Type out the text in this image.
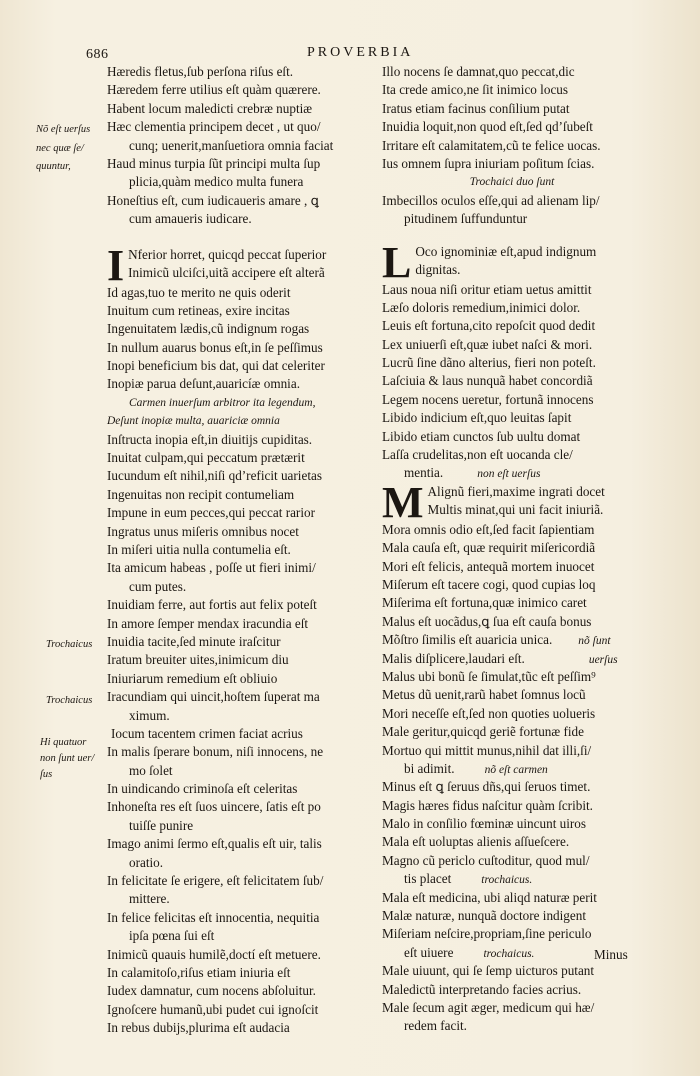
686	PROVERBIA
Nõ eſt uerſus
nec quæ ſe/
quuntur,
Trochaicus
Trochaicus
Hi quatuor
non ſunt uer/
ſus
Hæredis fletus,ſub perſona riſus eſt.
Hæredem ferre utilius eſt quàm quærere.
Habent locum maledicti crebræ nuptiæ
Hæc clementia principem decet , ut quo/
cunq; uenerit,manſuetiora omnia faciat
Haud minus turpia ſũt principi multa ſup
plicia,quàm medico multa funera
Honeſtius eſt, cum iudicaueris amare , ꝗ
cum amaueris iudicare.
I Nferior horret, quicqd peccat ſuperior
Inimicũ ulciſci,uitã accipere eſt alterã
Id agas,tuo te merito ne quis oderit
Inuitum cum retineas, exire incitas
Ingenuitatem lædis,cũ indignum rogas
In nullum auarus bonus eſt,in ſe peſſimus
Inopi beneficium bis dat, qui dat celeriter
Inopiæ parua deſunt,auaricíæ omnia.
Carmen inuerſum arbitror ita legendum,
Deſunt inopiæ multa, auariciæ omnia
Inſtructa inopia eſt,in diuitijs cupiditas.
Inuitat culpam,qui peccatum prætærit
Iucundum eſt nihil,niſi qd’reficit uarietas
Ingenuitas non recipit contumeliam
Impune in eum pecces,qui peccat rarior
Ingratus unus miſeris omnibus nocet
In miſeri uitia nulla contumelia eſt.
Ita amicum habeas , poſſe ut fieri inimi/
cum putes.
Inuidiam ferre, aut fortis aut felix poteſt
In amore ſemper mendax iracundia eſt
Inuidia tacite,ſed minute iraſcitur
Iratum breuiter uites,inimicum diu
Iniuriarum remedium eſt obliuio
Iracundiam qui uincit,hoſtem ſuperat ma
ximum.
Iocum tacentem crimen faciat acrius
In malis ſperare bonum, niſi innocens, ne
mo ſolet
In uindicando criminoſa eſt celeritas
Inhoneſta res eſt ſuos uincere, ſatis eſt po
tuiſſe punire
Imago animi ſermo eſt,qualis eſt uir, talis
oratio.
In felicitate ſe erigere, eſt felicitatem ſub/
mittere.
In felice felicitas eſt innocentia, nequitia
ipſa pœna ſui eſt
Inimicũ quauis humilẽ,doctí eſt metuere.
In calamitoſo,riſus etiam iniuria eſt
Iudex damnatur, cum nocens abſoluitur.
Ignoſcere humanũ,ubi pudet cui ignoſcit
In rebus dubijs,plurima eſt audacia
Illo nocens ſe damnat,quo peccat,dic
Ita crede amico,ne ſit inimico locus
Iratus etiam facinus conſilium putat
Inuidia loquit,non quod eſt,ſed qd’ſubeſt
Irritare eſt calamitatem,cũ te felice uocas.
Ius omnem ſupra iniuriam poſitum ſcias.
Trochaici duo ſunt
Imbecillos oculos eſſe,qui ad alienam lip/
pitudinem ſuffunduntur
L Oco ignominiæ eſt,apud indignum
dignitas.
Laus noua niſi oritur etiam uetus amittit
Læſo doloris remedium,inimici dolor.
Leuis eſt fortuna,cito repoſcit quod dedit
Lex uniuerſi eſt,quæ iubet naſci & mori.
Lucrũ ſine dãno alterius, fieri non poteſt.
Laſciuia & laus nunquã habet concordiã
Legem nocens ueretur, fortunã innocens
Libido indicium eſt,quo leuitas ſapit
Libido etiam cunctos ſub uultu domat
Laſſa crudelitas,non eſt uocanda cle/
mentia.	non eſt uerſus
M Alignũ fieri,maxime ingrati docet
Multis minat,qui uni facit iniuriã.
Mora omnis odio eſt,ſed facit ſapientiam
Mala cauſa eſt, quæ requirit miſericordiã
Mori eſt felicis, antequã mortem inuocet
Miſerum eſt tacere cogi, quod cupias loq
Miſerima eſt fortuna,quæ inimico caret
Malus eſt uocãdus,ꝗ ſua eſt cauſa bonus
Mõſtro ſimilis eſt auaricia unica. nõ ſunt
Malis diſplicere,laudari eſt.	uerſus
Malus ubi bonũ ſe ſimulat,tũc eſt peſſim⁹
Metus dũ uenit,rarũ habet ſomnus locũ
Mori neceſſe eſt,ſed non quoties uolueris
Male geritur,quicqd geriẽ fortunæ fide
Mortuo qui mittit munus,nihil dat illi,ſi/
bi adimit.	nõ eſt carmen
Minus eſt ꝗ ſeruus dñs,qui ſeruos timet.
Magis hæres fidus naſcitur quàm ſcribit.
Malo in conſilio fœminæ uincunt uiros
Mala eſt uoluptas alienis aſſueſcere.
Magno cũ periclo cuſtoditur, quod mul/
tis placet	trochaicus.
Mala eſt medicina, ubi aliqd naturæ perit
Malæ naturæ, nunquã doctore indigent
Miſeriam neſcire,propriam,ſine periculo
eſt uiuere	trochaicus.
Male uiuunt, qui ſe ſemp uicturos putant
Maledictũ interpretando facies acrius.
Male ſecum agit æger, medicum qui hæ/
redem facit.
Minus
